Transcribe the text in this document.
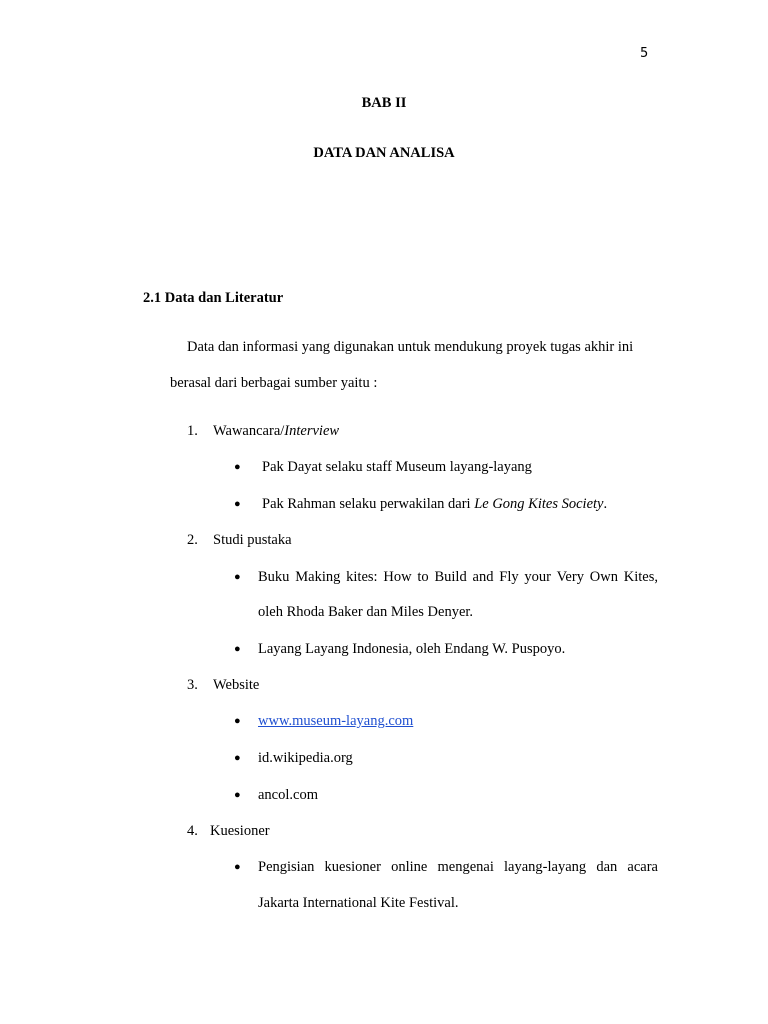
5
BAB II
DATA DAN ANALISA
2.1 Data dan Literatur
Data dan informasi yang digunakan untuk mendukung proyek tugas akhir ini
berasal dari berbagai sumber yaitu :
1. Wawancara/Interview
● Pak Dayat selaku staff Museum layang-layang
● Pak Rahman selaku perwakilan dari Le Gong Kites Society.
2. Studi pustaka
● Buku Making kites: How to Build and Fly your Very Own Kites,
oleh Rhoda Baker dan Miles Denyer.
● Layang Layang Indonesia, oleh Endang W. Puspoyo.
3. Website
● www.museum-layang.com
● id.wikipedia.org
● ancol.com
4. Kuesioner
● Pengisian kuesioner online mengenai layang-layang dan acara
Jakarta International Kite Festival.
